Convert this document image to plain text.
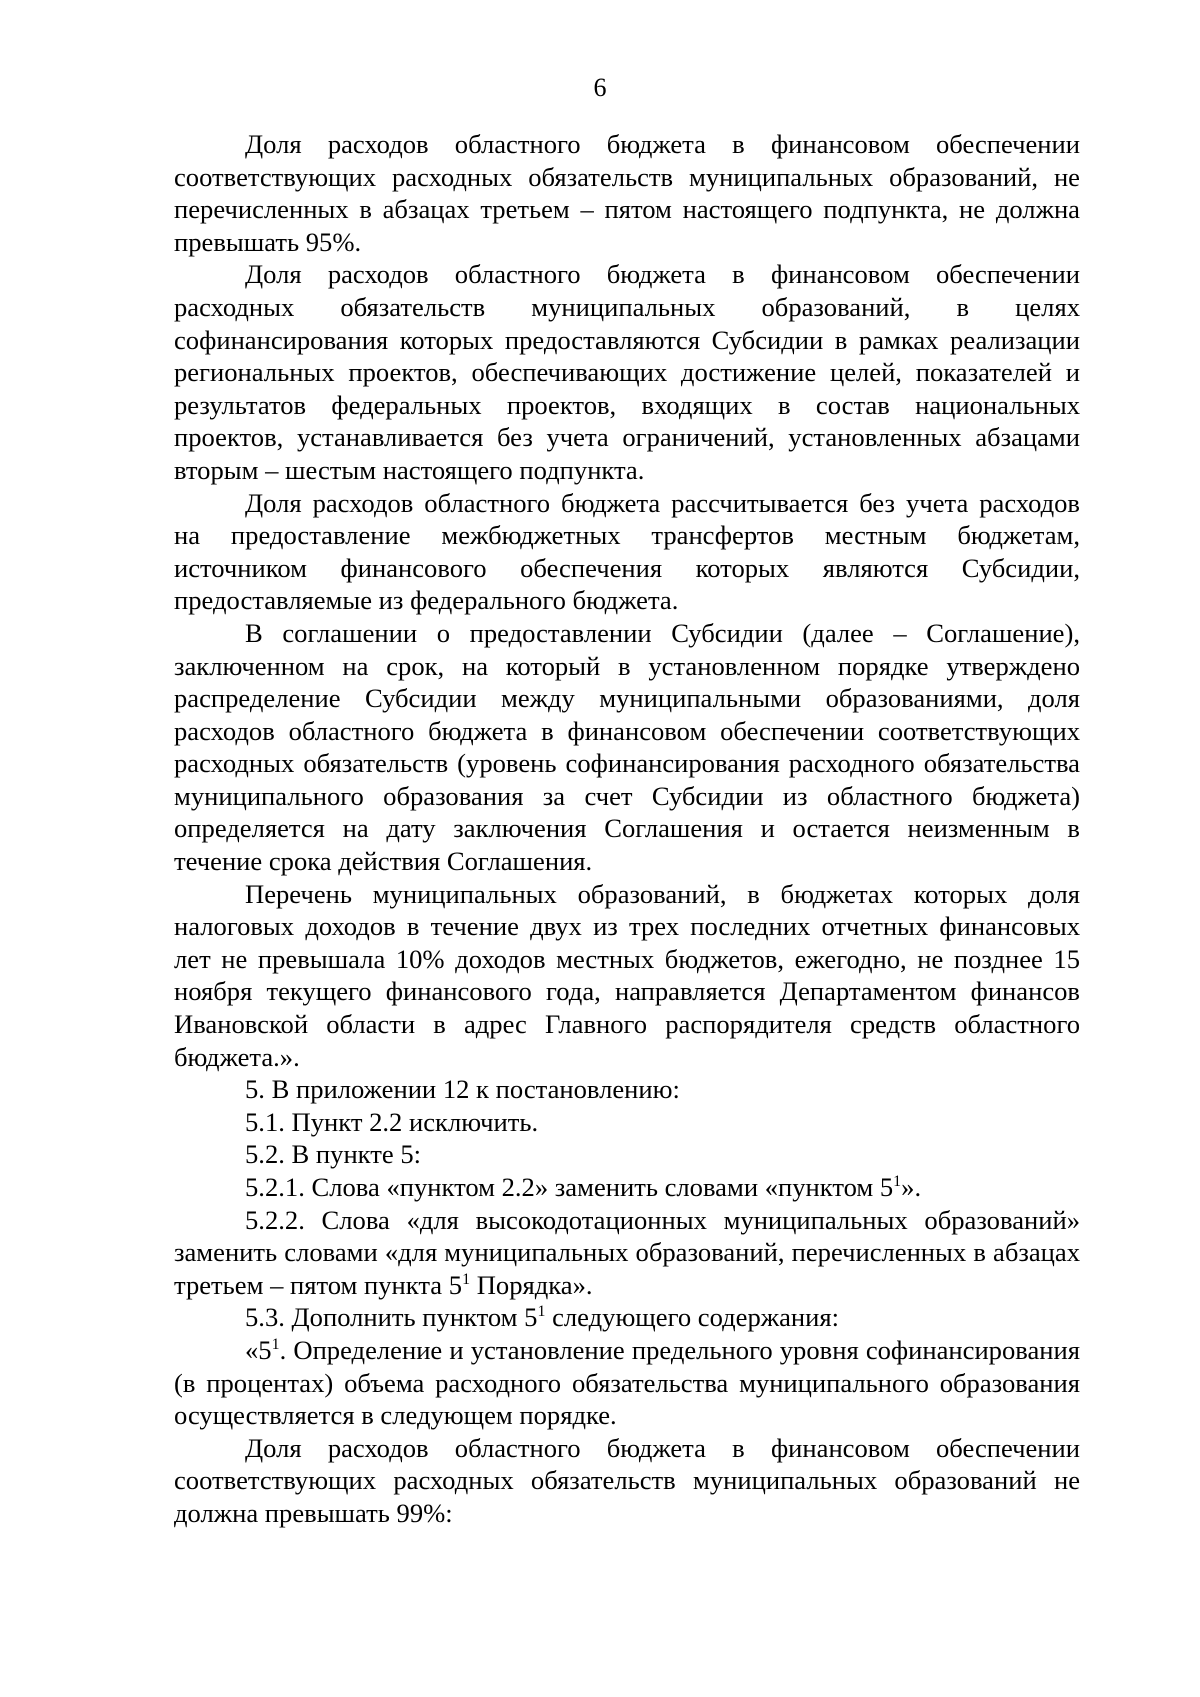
6

Доля расходов областного бюджета в финансовом обеспечении соответствующих расходных обязательств муниципальных образований, не перечисленных в абзацах третьем – пятом настоящего подпункта, не должна превышать 95%.

Доля расходов областного бюджета в финансовом обеспечении расходных обязательств муниципальных образований, в целях софинансирования которых предоставляются Субсидии в рамках реализации региональных проектов, обеспечивающих достижение целей, показателей и результатов федеральных проектов, входящих в состав национальных проектов, устанавливается без учета ограничений, установленных абзацами вторым – шестым настоящего подпункта.

Доля расходов областного бюджета рассчитывается без учета расходов на предоставление межбюджетных трансфертов местным бюджетам, источником финансового обеспечения которых являются Субсидии, предоставляемые из федерального бюджета.

В соглашении о предоставлении Субсидии (далее – Соглашение), заключенном на срок, на который в установленном порядке утверждено распределение Субсидии между муниципальными образованиями, доля расходов областного бюджета в финансовом обеспечении соответствующих расходных обязательств (уровень софинансирования расходного обязательства муниципального образования за счет Субсидии из областного бюджета) определяется на дату заключения Соглашения и остается неизменным в течение срока действия Соглашения.

Перечень муниципальных образований, в бюджетах которых доля налоговых доходов в течение двух из трех последних отчетных финансовых лет не превышала 10% доходов местных бюджетов, ежегодно, не позднее 15 ноября текущего финансового года, направляется Департаментом финансов Ивановской области в адрес Главного распорядителя средств областного бюджета.».

5. В приложении 12 к постановлению:

5.1. Пункт 2.2 исключить.

5.2. В пункте 5:

5.2.1. Слова «пунктом 2.2» заменить словами «пунктом $5^1$».

5.2.2. Слова «для высокодотационных муниципальных образований» заменить словами «для муниципальных образований, перечисленных в абзацах третьем – пятом пункта $5^1$ Порядка».

5.3. Дополнить пунктом $5^1$ следующего содержания:

«$5^1$. Определение и установление предельного уровня софинансирования (в процентах) объема расходного обязательства муниципального образования осуществляется в следующем порядке.

Доля расходов областного бюджета в финансовом обеспечении соответствующих расходных обязательств муниципальных образований не должна превышать 99%:
